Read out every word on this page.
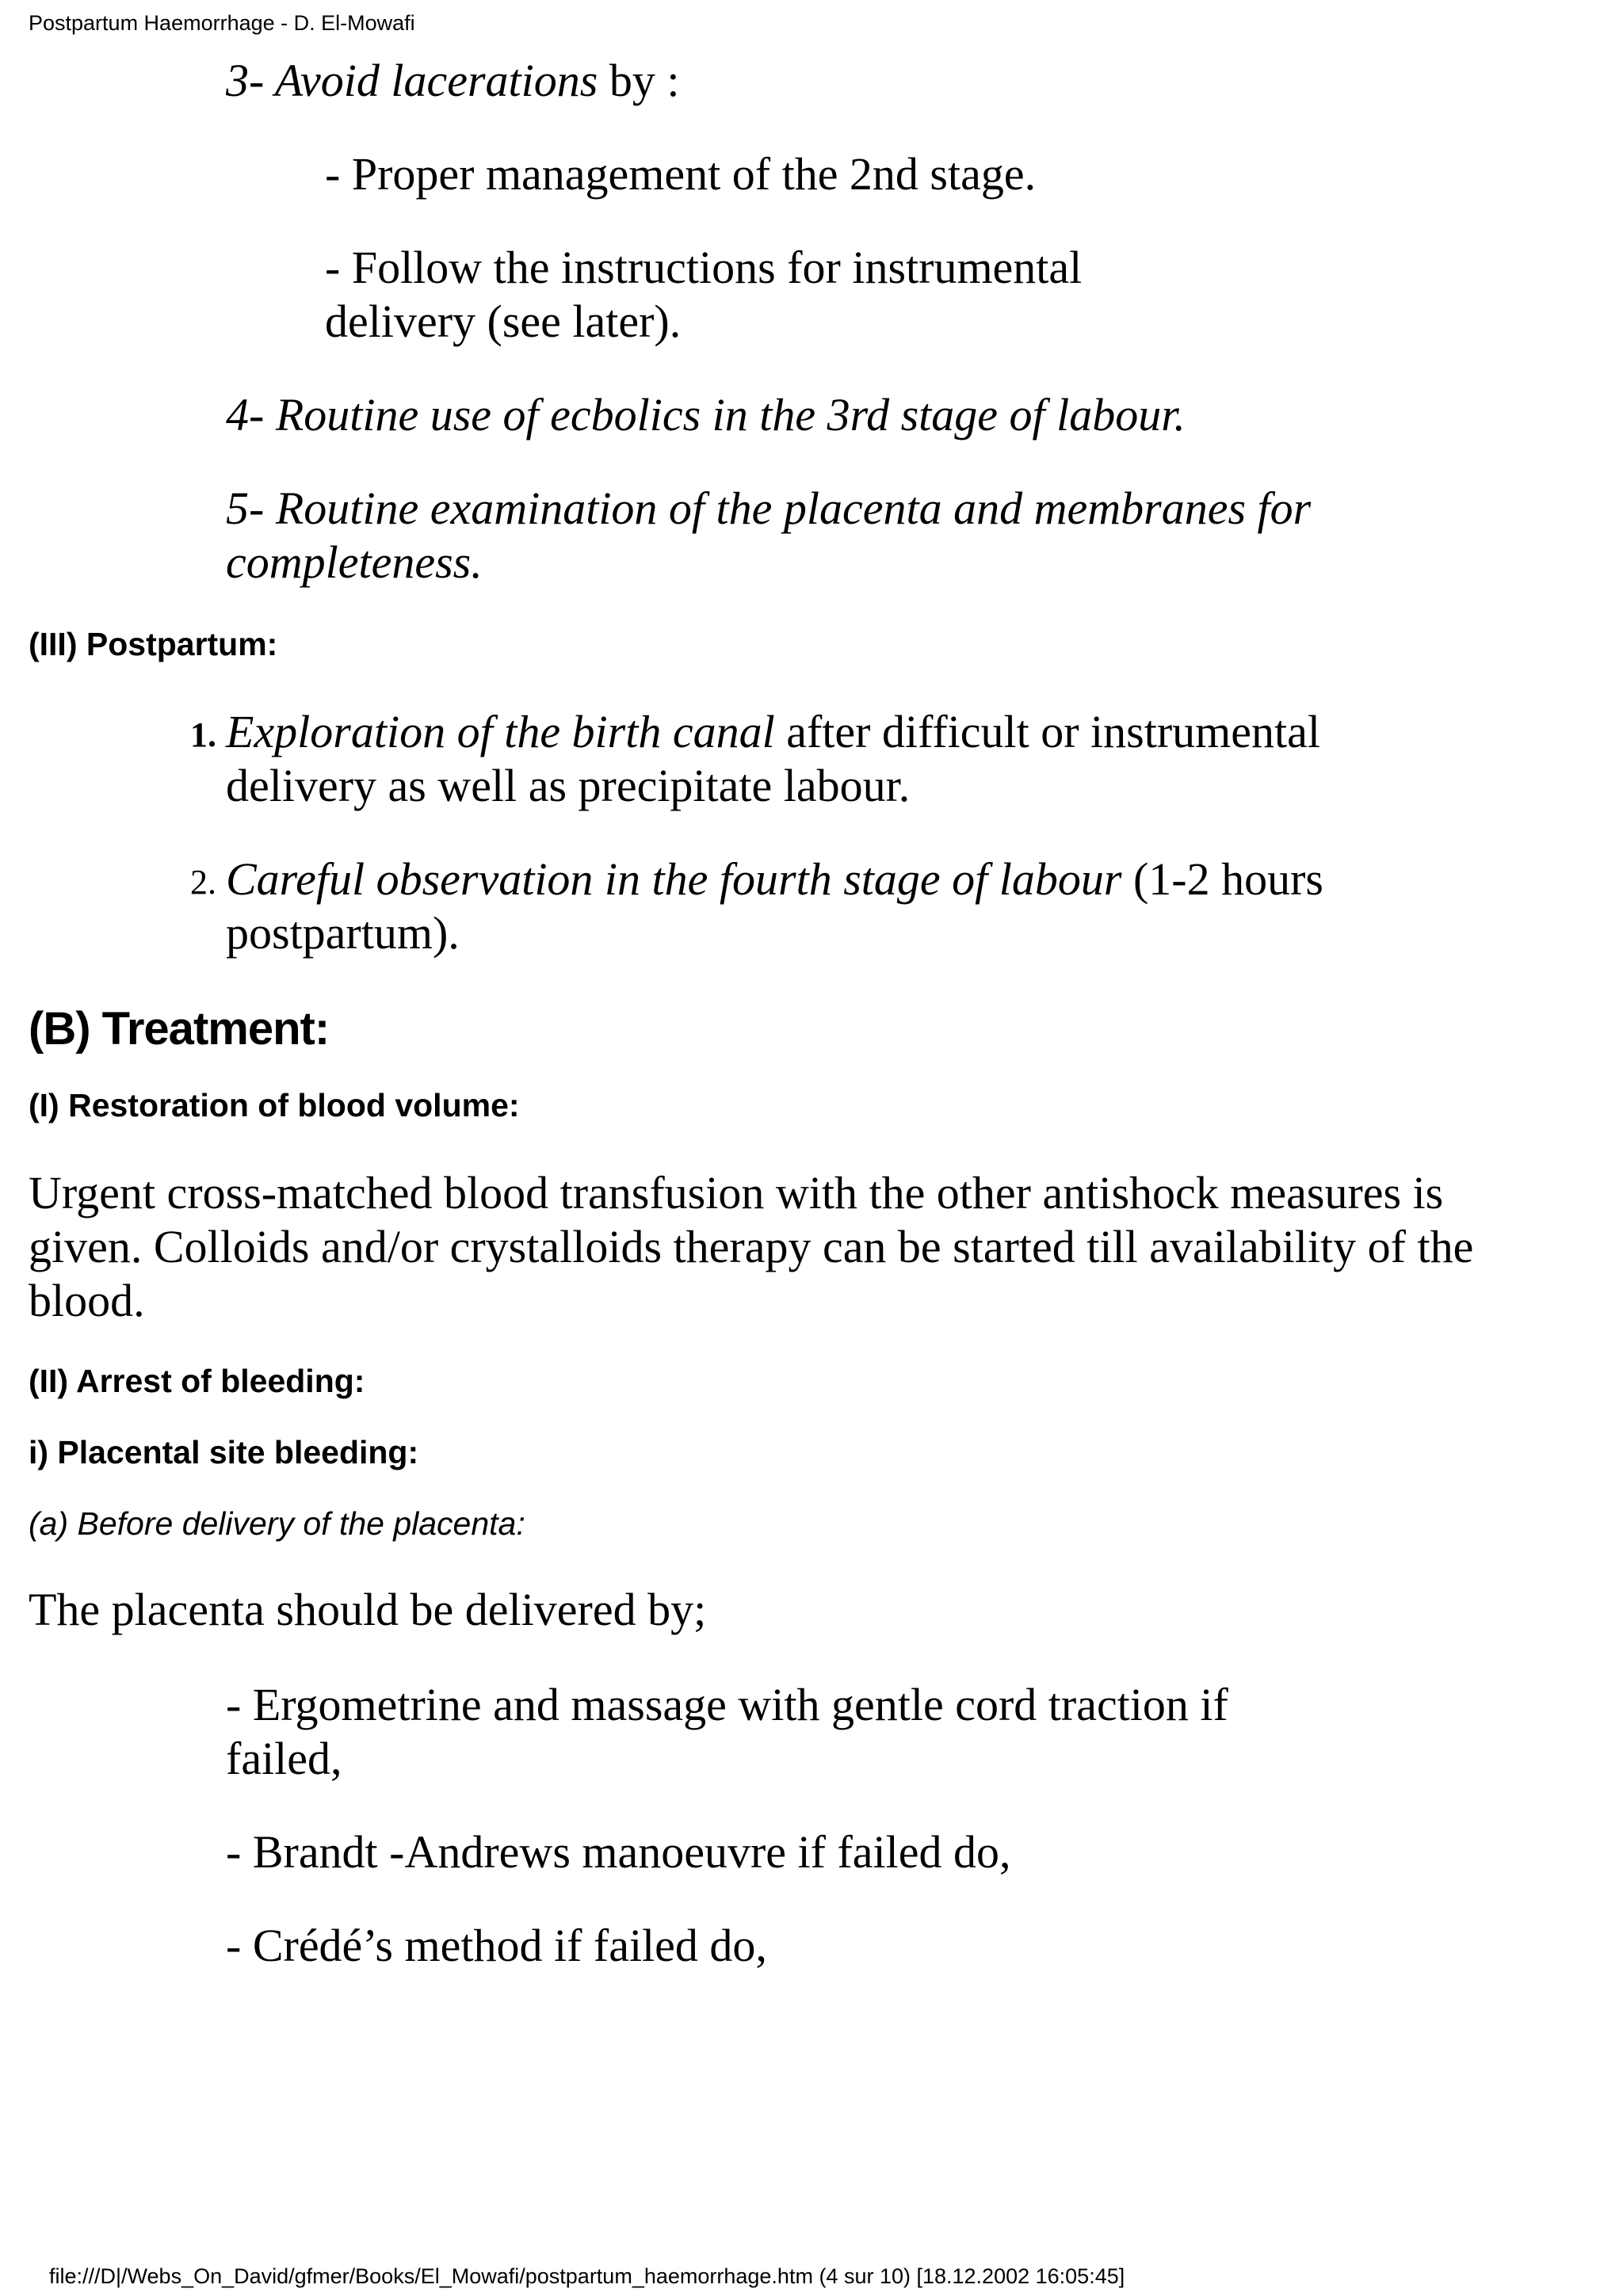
Postpartum Haemorrhage - D. El-Mowafi

3- Avoid lacerations by :

- Proper management of the 2nd stage.

- Follow the instructions for instrumental
delivery (see later).

4- Routine use of ecbolics in the 3rd stage of labour.

5- Routine examination of the placenta and membranes for
completeness.
(III) Postpartum:
1. Exploration of the birth canal after difficult or instrumental
delivery as well as precipitate labour.
2. Careful observation in the fourth stage of labour (1-2 hours
postpartum).
(B) Treatment:
(I) Restoration of blood volume:
Urgent cross-matched blood transfusion with the other antishock measures is
given. Colloids and/or crystalloids therapy can be started till availability of the
blood.
(II) Arrest of bleeding:
i) Placental site bleeding:
(a) Before delivery of the placenta:

The placenta should be delivered by;

- Ergometrine and massage with gentle cord traction if
failed,

- Brandt -Andrews manoeuvre if failed do,

- Crédé’s method if failed do,

file:///D|/Webs_On_David/gfmer/Books/El_Mowafi/postpartum_haemorrhage.htm (4 sur 10) [18.12.2002 16:05:45]
